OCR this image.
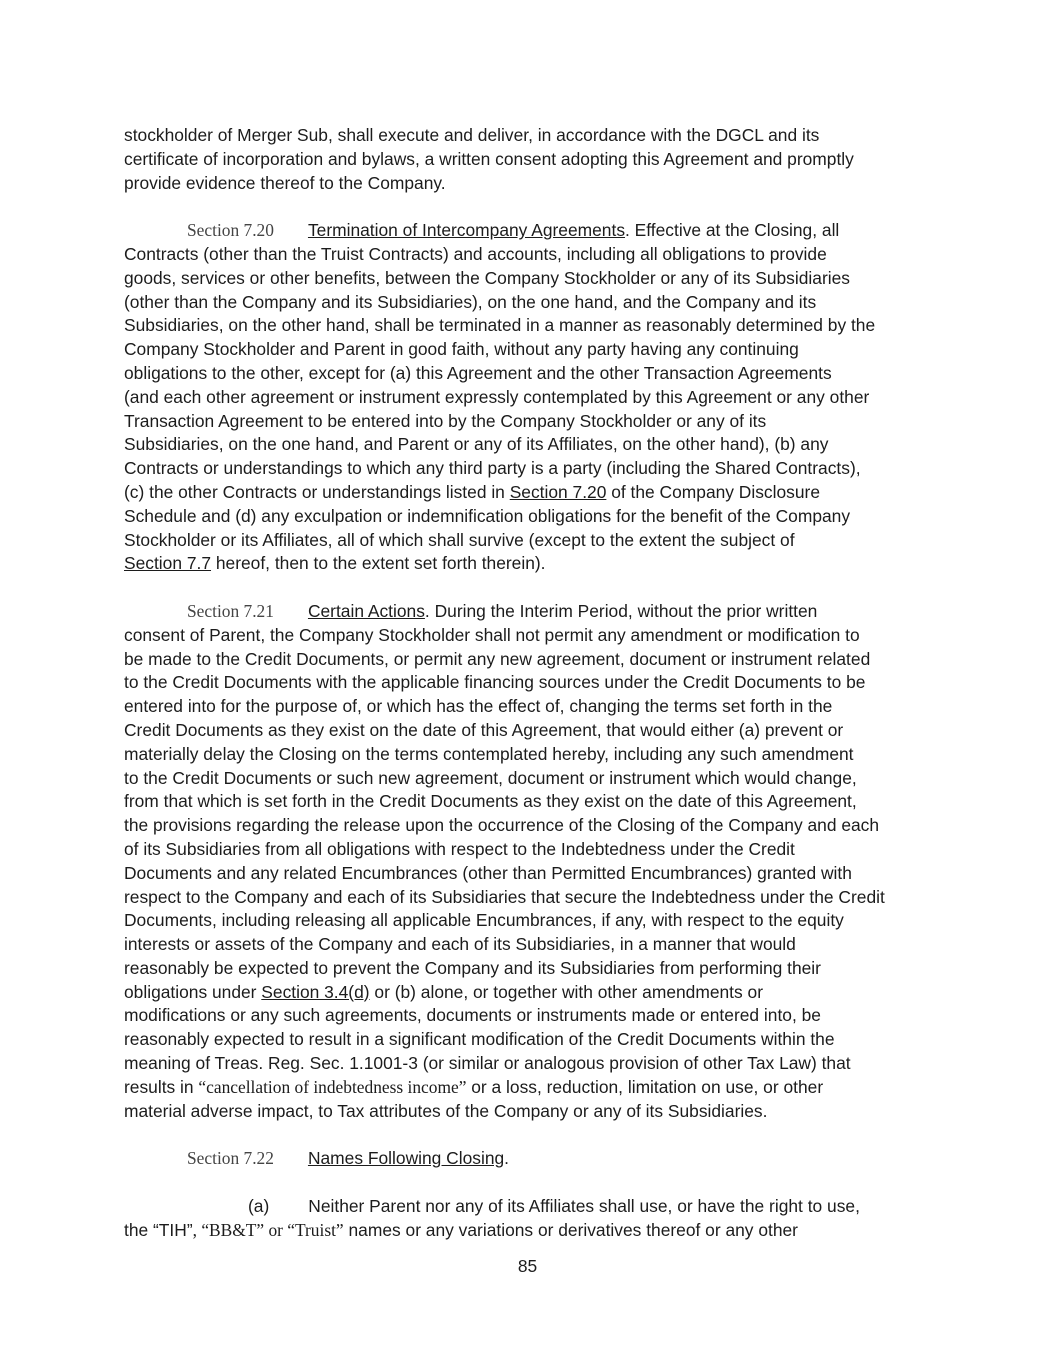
stockholder of Merger Sub, shall execute and deliver, in accordance with the DGCL and its
certificate of incorporation and bylaws, a written consent adopting this Agreement and promptly
provide evidence thereof to the Company.

Section 7.20 Termination of Intercompany Agreements. Effective at the Closing, all
Contracts (other than the Truist Contracts) and accounts, including all obligations to provide
goods, services or other benefits, between the Company Stockholder or any of its Subsidiaries
(other than the Company and its Subsidiaries), on the one hand, and the Company and its
Subsidiaries, on the other hand, shall be terminated in a manner as reasonably determined by the
Company Stockholder and Parent in good faith, without any party having any continuing
obligations to the other, except for (a) this Agreement and the other Transaction Agreements
(and each other agreement or instrument expressly contemplated by this Agreement or any other
Transaction Agreement to be entered into by the Company Stockholder or any of its
Subsidiaries, on the one hand, and Parent or any of its Affiliates, on the other hand), (b) any
Contracts or understandings to which any third party is a party (including the Shared Contracts),
(c) the other Contracts or understandings listed in Section 7.20 of the Company Disclosure
Schedule and (d) any exculpation or indemnification obligations for the benefit of the Company
Stockholder or its Affiliates, all of which shall survive (except to the extent the subject of
Section 7.7 hereof, then to the extent set forth therein).

Section 7.21 Certain Actions. During the Interim Period, without the prior written
consent of Parent, the Company Stockholder shall not permit any amendment or modification to
be made to the Credit Documents, or permit any new agreement, document or instrument related
to the Credit Documents with the applicable financing sources under the Credit Documents to be
entered into for the purpose of, or which has the effect of, changing the terms set forth in the
Credit Documents as they exist on the date of this Agreement, that would either (a) prevent or
materially delay the Closing on the terms contemplated hereby, including any such amendment
to the Credit Documents or such new agreement, document or instrument which would change,
from that which is set forth in the Credit Documents as they exist on the date of this Agreement,
the provisions regarding the release upon the occurrence of the Closing of the Company and each
of its Subsidiaries from all obligations with respect to the Indebtedness under the Credit
Documents and any related Encumbrances (other than Permitted Encumbrances) granted with
respect to the Company and each of its Subsidiaries that secure the Indebtedness under the Credit
Documents, including releasing all applicable Encumbrances, if any, with respect to the equity
interests or assets of the Company and each of its Subsidiaries, in a manner that would
reasonably be expected to prevent the Company and its Subsidiaries from performing their
obligations under Section 3.4(d) or (b) alone, or together with other amendments or
modifications or any such agreements, documents or instruments made or entered into, be
reasonably expected to result in a significant modification of the Credit Documents within the
meaning of Treas. Reg. Sec. 1.1001-3 (or similar or analogous provision of other Tax Law) that
results in “cancellation of indebtedness income” or a loss, reduction, limitation on use, or other
material adverse impact, to Tax attributes of the Company or any of its Subsidiaries.

Section 7.22 Names Following Closing.

(a) Neither Parent nor any of its Affiliates shall use, or have the right to use,
the “TIH”, “BB&T” or “Truist” names or any variations or derivatives thereof or any other

85
